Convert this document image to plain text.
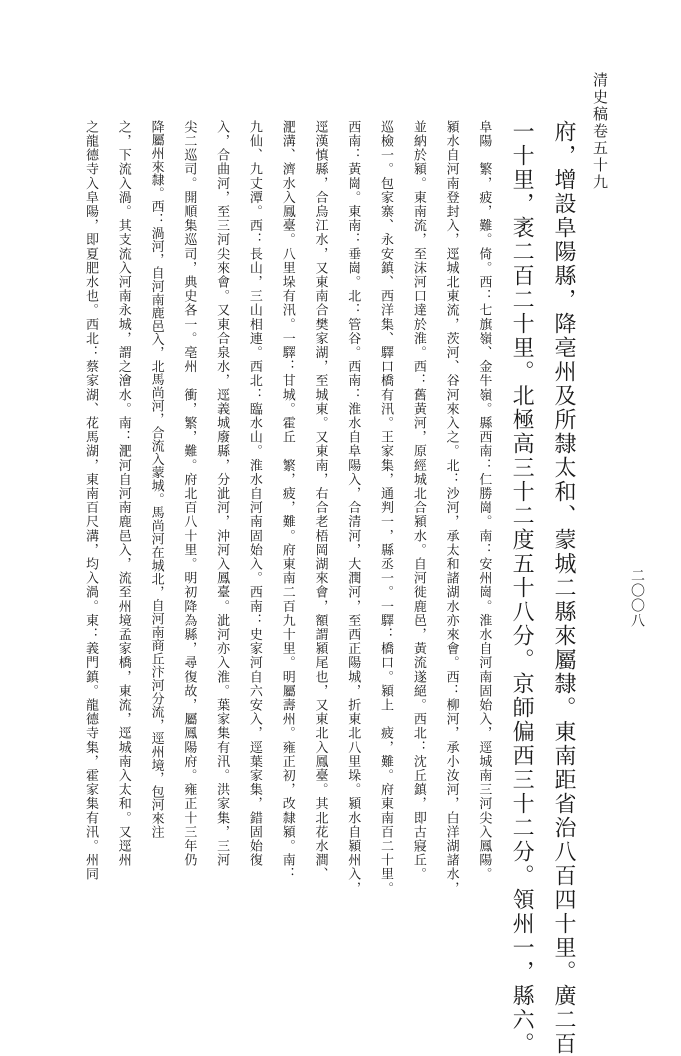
清史稿卷五十九
二〇〇八
府，增設阜陽縣，降亳州及所隸太和、蒙城二縣來屬隸。東南距省治八百四十里。廣二百
一十里，袤二百二十里。北極高三十二度五十八分。京師偏西三十二分。領州一，縣六。
阜陽　繁，疲，難。倚。西：七旗嶺、金牛嶺。縣西南：仁勝崗。南：安州崗。淮水自河南固始入，逕城南三河尖入鳳陽。
潁水自河南登封入，逕城北東流，茨河、谷河來入之。北：沙河，承太和諸湖水亦來會。西：柳河，承小汝河，白洋湖諸水，
並納於潁。東南流，至沫河口達於淮。西：舊黃河，原經城北合潁水。自河徙鹿邑，黃流遂絕。西北：沈丘鎮，即古寢丘。
巡檢一。包家寨、永安鎮、西洋集、驛口橋有汛。王家集，通判一，縣丞一。一驛：橋口。潁上　疲，難。府東南百二十里。
西南：黃崗。東南：垂崗。北：管谷。西南：淮水自阜陽入，合清河，大潤河，至西正陽城，折東北八里垛。潁水自潁州入，
逕漢慎縣，合烏江水，又東南合樊家湖，至城東。又東南，右合老梧岡湖來會，額謂潁尾也，又東北入鳳臺。其北花水澗、
淝溝、濟水入鳳臺。八里垛有汛。一驛：甘城。霍丘　繁，疲，難。府東南二百九十里。明屬壽州。雍正初，改隸潁。南：
九仙、九丈潭。西：長山，三山相連。西北：臨水山。淮水自河南固始入。西南：史家河自六安入，逕葉家集，錯固始復
入，合曲河，至三河尖來會。又東合泉水，逕義城廢縣，分泚河，沖河入鳳臺。泚河亦入淮。葉家集有汛。洪家集，三河
尖二巡司。開順集巡司，典史各一。亳州　衝，繁，難。府北百八十里。明初降為縣，尋復故，屬鳳陽府。雍正十三年仍
降屬州來隸。西：渦河，自河南鹿邑入，北馬尚河，合流入蒙城。馬尚河在城北，自河南商丘汴河分流，逕州境，包河來注
之，下流入渦。其支流入河南永城，謂之澮水。南：淝河自河南鹿邑入，流至州境孟家橋，東流，逕城南入太和。又逕州
之龍德寺入阜陽，即夏肥水也。西北：蔡家湖、花馬湖，東南百尺溝，均入渦。東：義門鎮。龍德寺集，霍家集有汛。州同
